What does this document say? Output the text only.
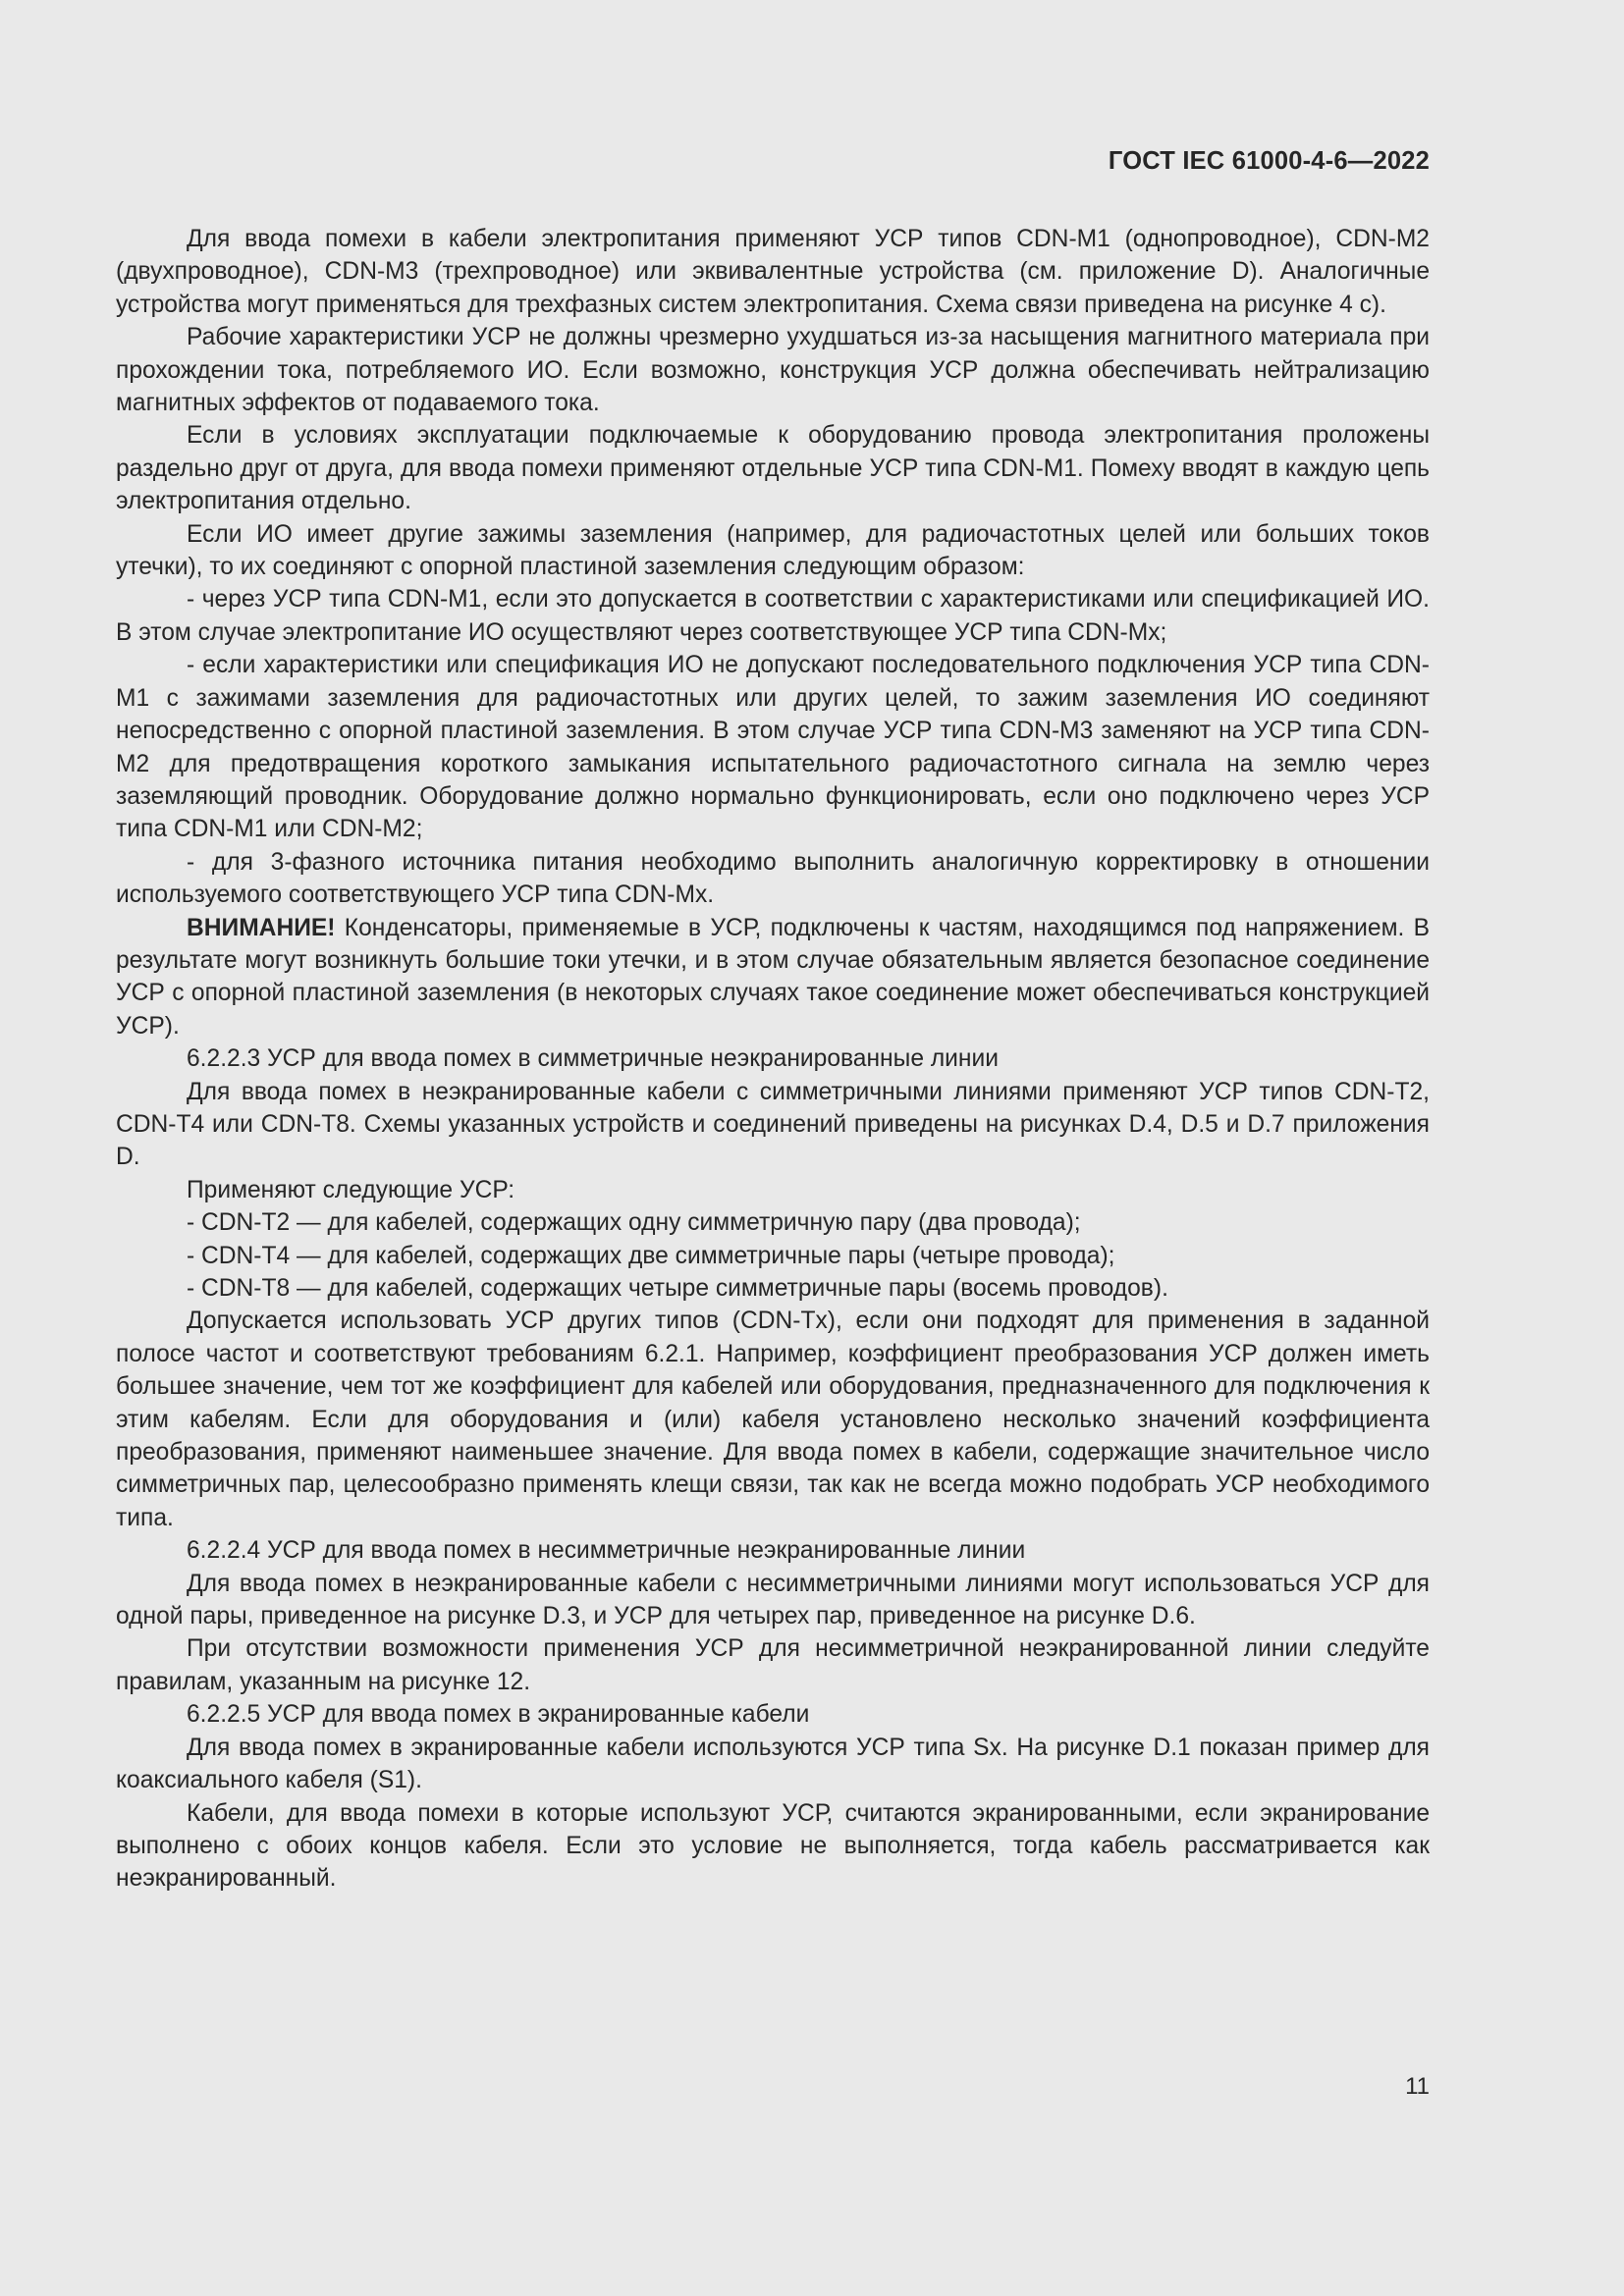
ГОСТ IEC 61000-4-6—2022

Для ввода помехи в кабели электропитания применяют УСР типов CDN-M1 (однопроводное), CDN-M2 (двухпроводное), CDN-M3 (трехпроводное) или эквивалентные устройства (см. приложение D). Аналогичные устройства могут применяться для трехфазных систем электропитания. Схема связи приведена на рисунке 4 с).

Рабочие характеристики УСР не должны чрезмерно ухудшаться из-за насыщения магнитного материала при прохождении тока, потребляемого ИО. Если возможно, конструкция УСР должна обеспечивать нейтрализацию магнитных эффектов от подаваемого тока.

Если в условиях эксплуатации подключаемые к оборудованию провода электропитания проложены раздельно друг от друга, для ввода помехи применяют отдельные УСР типа CDN-M1. Помеху вводят в каждую цепь электропитания отдельно.

Если ИО имеет другие зажимы заземления (например, для радиочастотных целей или больших токов утечки), то их соединяют с опорной пластиной заземления следующим образом:

- через УСР типа CDN-M1, если это допускается в соответствии с характеристиками или спецификацией ИО. В этом случае электропитание ИО осуществляют через соответствующее УСР типа CDN-Mx;

- если характеристики или спецификация ИО не допускают последовательного подключения УСР типа CDN-M1 с зажимами заземления для радиочастотных или других целей, то зажим заземления ИО соединяют непосредственно с опорной пластиной заземления. В этом случае УСР типа CDN-M3 заменяют на УСР типа CDN-M2 для предотвращения короткого замыкания испытательного радиочастотного сигнала на землю через заземляющий проводник. Оборудование должно нормально функционировать, если оно подключено через УСР типа CDN-M1 или CDN-M2;

- для 3-фазного источника питания необходимо выполнить аналогичную корректировку в отношении используемого соответствующего УСР типа CDN-Mx.

ВНИМАНИЕ! Конденсаторы, применяемые в УСР, подключены к частям, находящимся под напряжением. В результате могут возникнуть большие токи утечки, и в этом случае обязательным является безопасное соединение УСР с опорной пластиной заземления (в некоторых случаях такое соединение может обеспечиваться конструкцией УСР).

6.2.2.3 УСР для ввода помех в симметричные неэкранированные линии

Для ввода помех в неэкранированные кабели с симметричными линиями применяют УСР типов CDN-T2, CDN-T4 или CDN-T8. Схемы указанных устройств и соединений приведены на рисунках D.4, D.5 и D.7 приложения D.

Применяют следующие УСР:

- CDN-T2 — для кабелей, содержащих одну симметричную пару (два провода);

- CDN-T4 — для кабелей, содержащих две симметричные пары (четыре провода);

- CDN-T8 — для кабелей, содержащих четыре симметричные пары (восемь проводов).

Допускается использовать УСР других типов (CDN-Tx), если они подходят для применения в заданной полосе частот и соответствуют требованиям 6.2.1. Например, коэффициент преобразования УСР должен иметь большее значение, чем тот же коэффициент для кабелей или оборудования, предназначенного для подключения к этим кабелям. Если для оборудования и (или) кабеля установлено несколько значений коэффициента преобразования, применяют наименьшее значение. Для ввода помех в кабели, содержащие значительное число симметричных пар, целесообразно применять клещи связи, так как не всегда можно подобрать УСР необходимого типа.

6.2.2.4 УСР для ввода помех в несимметричные неэкранированные линии

Для ввода помех в неэкранированные кабели с несимметричными линиями могут использоваться УСР для одной пары, приведенное на рисунке D.3, и УСР для четырех пар, приведенное на рисунке D.6.

При отсутствии возможности применения УСР для несимметричной неэкранированной линии следуйте правилам, указанным на рисунке 12.

6.2.2.5 УСР для ввода помех в экранированные кабели

Для ввода помех в экранированные кабели используются УСР типа Sx. На рисунке D.1 показан пример для коаксиального кабеля (S1).

Кабели, для ввода помехи в которые используют УСР, считаются экранированными, если экранирование выполнено с обоих концов кабеля. Если это условие не выполняется, тогда кабель рассматривается как неэкранированный.

11
